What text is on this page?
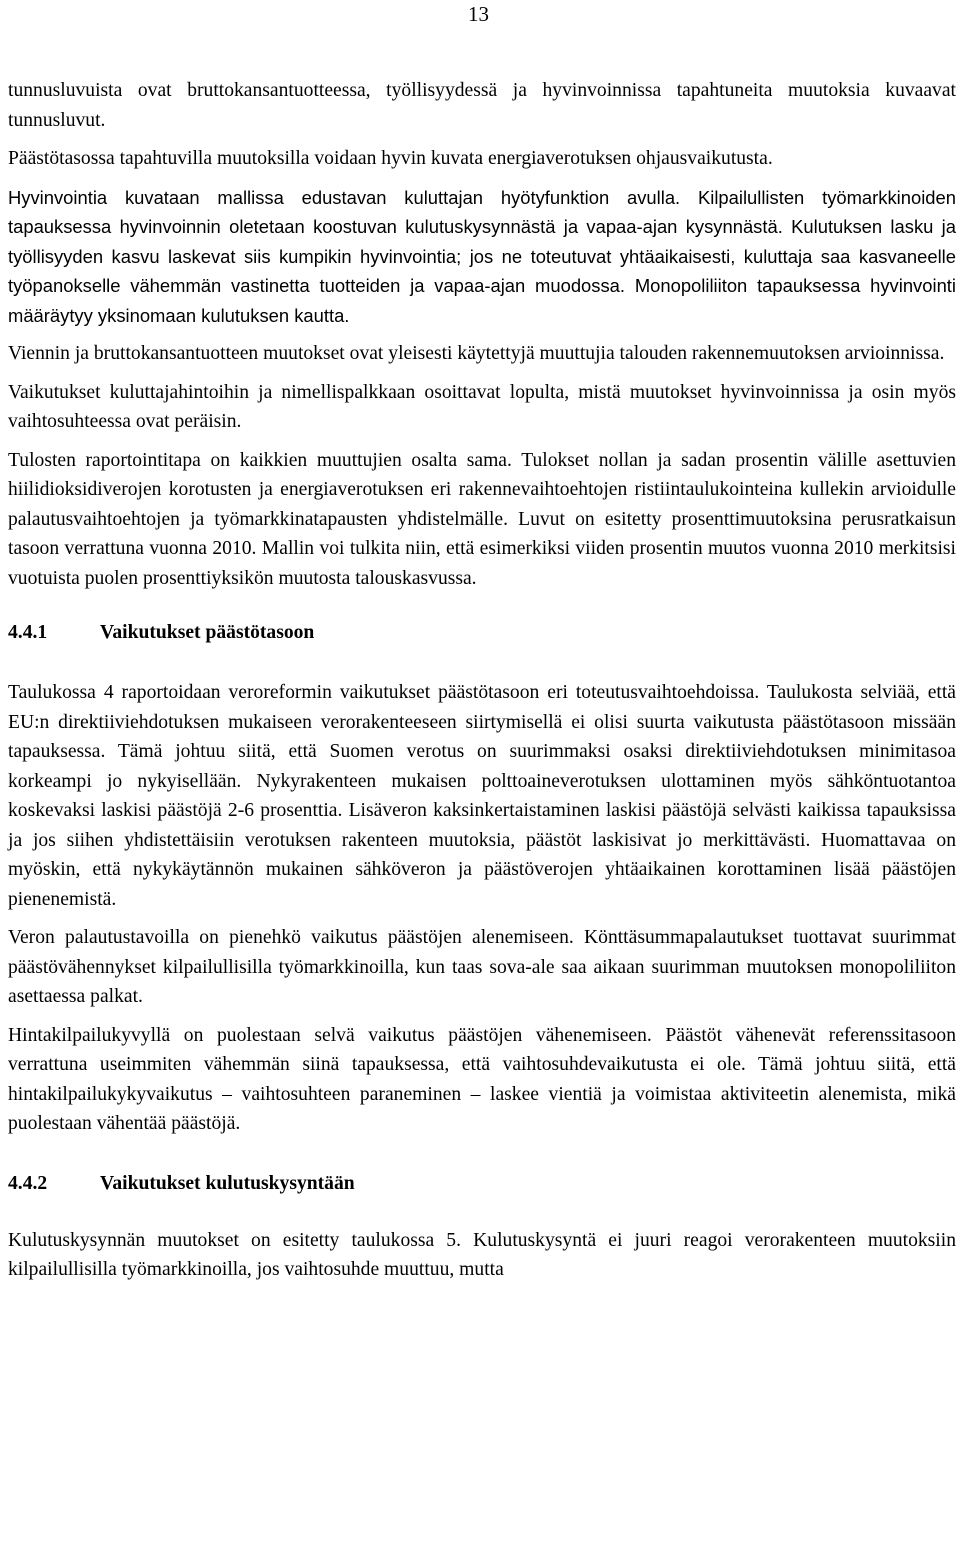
13

tunnusluvuista ovat bruttokansantuotteessa, työllisyydessä ja hyvinvoinnissa tapahtuneita muutoksia kuvaavat tunnusluvut.

Päästötasossa tapahtuvilla muutoksilla voidaan hyvin kuvata energiaverotuksen ohjausvaikutusta.

Hyvinvointia kuvataan mallissa edustavan kuluttajan hyötyfunktion avulla. Kilpailullisten työmarkkinoiden tapauksessa hyvinvoinnin oletetaan koostuvan kulutuskysynnästä ja vapaa-ajan kysynnästä. Kulutuksen lasku ja työllisyyden kasvu laskevat siis kumpikin hyvinvointia; jos ne toteutuvat yhtäaikaisesti, kuluttaja saa kasvaneelle työpanokselle vähemmän vastinetta tuotteiden ja vapaa-ajan muodossa. Monopoliliiton tapauksessa hyvinvointi määräytyy yksinomaan kulutuksen kautta.

Viennin ja bruttokansantuotteen muutokset ovat yleisesti käytettyjä muuttujia talouden rakennemuutoksen arvioinnissa.

Vaikutukset kuluttajahintoihin ja nimellispalkkaan osoittavat lopulta, mistä muutokset hyvinvoinnissa ja osin myös vaihtosuhteessa ovat peräisin.

Tulosten raportointitapa on kaikkien muuttujien osalta sama. Tulokset nollan ja sadan prosentin välille asettuvien hiilidioksidiverojen korotusten ja energiaverotuksen eri rakennevaihtoehtojen ristiintaulukointeina kullekin arvioidulle palautusvaihtoehtojen ja työmarkkinatapausten yhdistelmälle. Luvut on esitetty prosenttimuutoksina perusratkaisun tasoon verrattuna vuonna 2010. Mallin voi tulkita niin, että esimerkiksi viiden prosentin muutos vuonna 2010 merkitsisi vuotuista puolen prosenttiyksikön muutosta talouskasvussa.

4.4.1	Vaikutukset päästötasoon

Taulukossa 4 raportoidaan veroreformin vaikutukset päästötasoon eri toteutusvaihtoehdoissa. Taulukosta selviää, että EU:n direktiiviehdotuksen mukaiseen verorakenteeseen siirtymisellä ei olisi suurta vaikutusta päästötasoon missään tapauksessa. Tämä johtuu siitä, että Suomen verotus on suurimmaksi osaksi direktiiviehdotuksen minimitasoa korkeampi jo nykyisellään. Nykyrakenteen mukaisen polttoaineverotuksen ulottaminen myös sähköntuotantoa koskevaksi laskisi päästöjä 2-6 prosenttia. Lisäveron kaksinkertaistaminen laskisi päästöjä selvästi kaikissa tapauksissa ja jos siihen yhdistettäisiin verotuksen rakenteen muutoksia, päästöt laskisivat jo merkittävästi. Huomattavaa on myöskin, että nykykäytännön mukainen sähköveron ja päästöverojen yhtäaikainen korottaminen lisää päästöjen pienenemistä.

Veron palautustavoilla on pienehkö vaikutus päästöjen alenemiseen. Könttäsummapalautukset tuottavat suurimmat päästövähennykset kilpailullisilla työmarkkinoilla, kun taas sova-ale saa aikaan suurimman muutoksen monopoliliiton asettaessa palkat.

Hintakilpailukyvyllä on puolestaan selvä vaikutus päästöjen vähenemiseen. Päästöt vähenevät referenssitasoon verrattuna useimmiten vähemmän siinä tapauksessa, että vaihtosuhdevaikutusta ei ole. Tämä johtuu siitä, että hintakilpailukykyvaikutus – vaihtosuhteen paraneminen – laskee vientiä ja voimistaa aktiviteetin alenemista, mikä puolestaan vähentää päästöjä.

4.4.2	Vaikutukset kulutuskysyntään

Kulutuskysynnän muutokset on esitetty taulukossa 5. Kulutuskysyntä ei juuri reagoi verorakenteen muutoksiin kilpailullisilla työmarkkinoilla, jos vaihtosuhde muuttuu, mutta
